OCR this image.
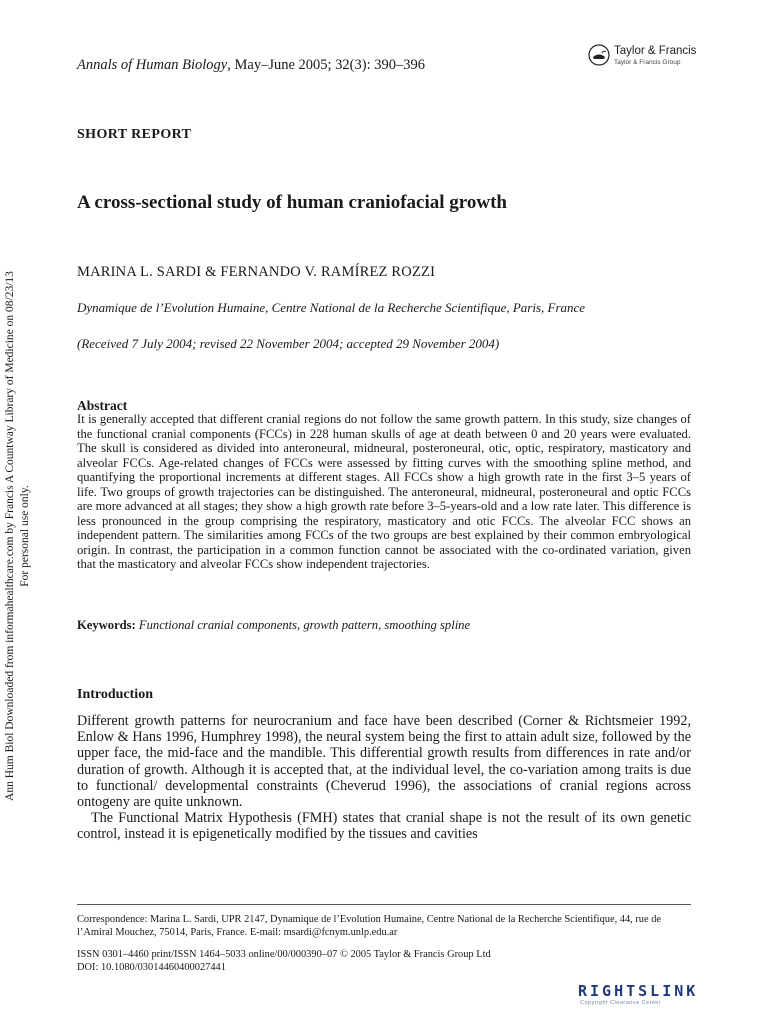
Annals of Human Biology, May–June 2005; 32(3): 390–396
Taylor & Francis
Taylor & Francis Group
SHORT REPORT
A cross-sectional study of human craniofacial growth
MARINA L. SARDI & FERNANDO V. RAMÍREZ ROZZI
Dynamique de l’Evolution Humaine, Centre National de la Recherche Scientifique, Paris, France
(Received 7 July 2004; revised 22 November 2004; accepted 29 November 2004)
Abstract
It is generally accepted that different cranial regions do not follow the same growth pattern. In this study, size changes of the functional cranial components (FCCs) in 228 human skulls of age at death between 0 and 20 years were evaluated. The skull is considered as divided into anteroneural, midneural, posteroneural, otic, optic, respiratory, masticatory and alveolar FCCs. Age-related changes of FCCs were assessed by fitting curves with the smoothing spline method, and quantifying the proportional increments at different stages. All FCCs show a high growth rate in the first 3–5 years of life. Two groups of growth trajectories can be distinguished. The anteroneural, midneural, posteroneural and optic FCCs are more advanced at all stages; they show a high growth rate before 3–5-years-old and a low rate later. This difference is less pronounced in the group comprising the respiratory, masticatory and otic FCCs. The alveolar FCC shows an independent pattern. The similarities among FCCs of the two groups are best explained by their common embryological origin. In contrast, the participation in a common function cannot be associated with the co-ordinated variation, given that the masticatory and alveolar FCCs show independent trajectories.
Keywords: Functional cranial components, growth pattern, smoothing spline
Introduction

Different growth patterns for neurocranium and face have been described (Corner & Richtsmeier 1992, Enlow & Hans 1996, Humphrey 1998), the neural system being the first to attain adult size, followed by the upper face, the mid-face and the mandible. This differential growth results from differences in rate and/or duration of growth. Although it is accepted that, at the individual level, the co-variation among traits is due to functional/ developmental constraints (Cheverud 1996), the associations of cranial regions across ontogeny are quite unknown.

The Functional Matrix Hypothesis (FMH) states that cranial shape is not the result of its own genetic control, instead it is epigenetically modified by the tissues and cavities

Correspondence: Marina L. Sardi, UPR 2147, Dynamique de l’Evolution Humaine, Centre National de la Recherche Scientifique, 44, rue de l’Amiral Mouchez, 75014, Paris, France. E-mail: msardi@fcnym.unlp.edu.ar
ISSN 0301–4460 print/ISSN 1464–5033 online/00/000390–07 © 2005 Taylor & Francis Group Ltd
DOI: 10.1080/03014460400027441
Ann Hum Biol Downloaded from informahealthcare.com by Francis A Countway Library of Medicine on 08/23/13 For personal use only.
RIGHTSLINK
Copyright Clearance Center
